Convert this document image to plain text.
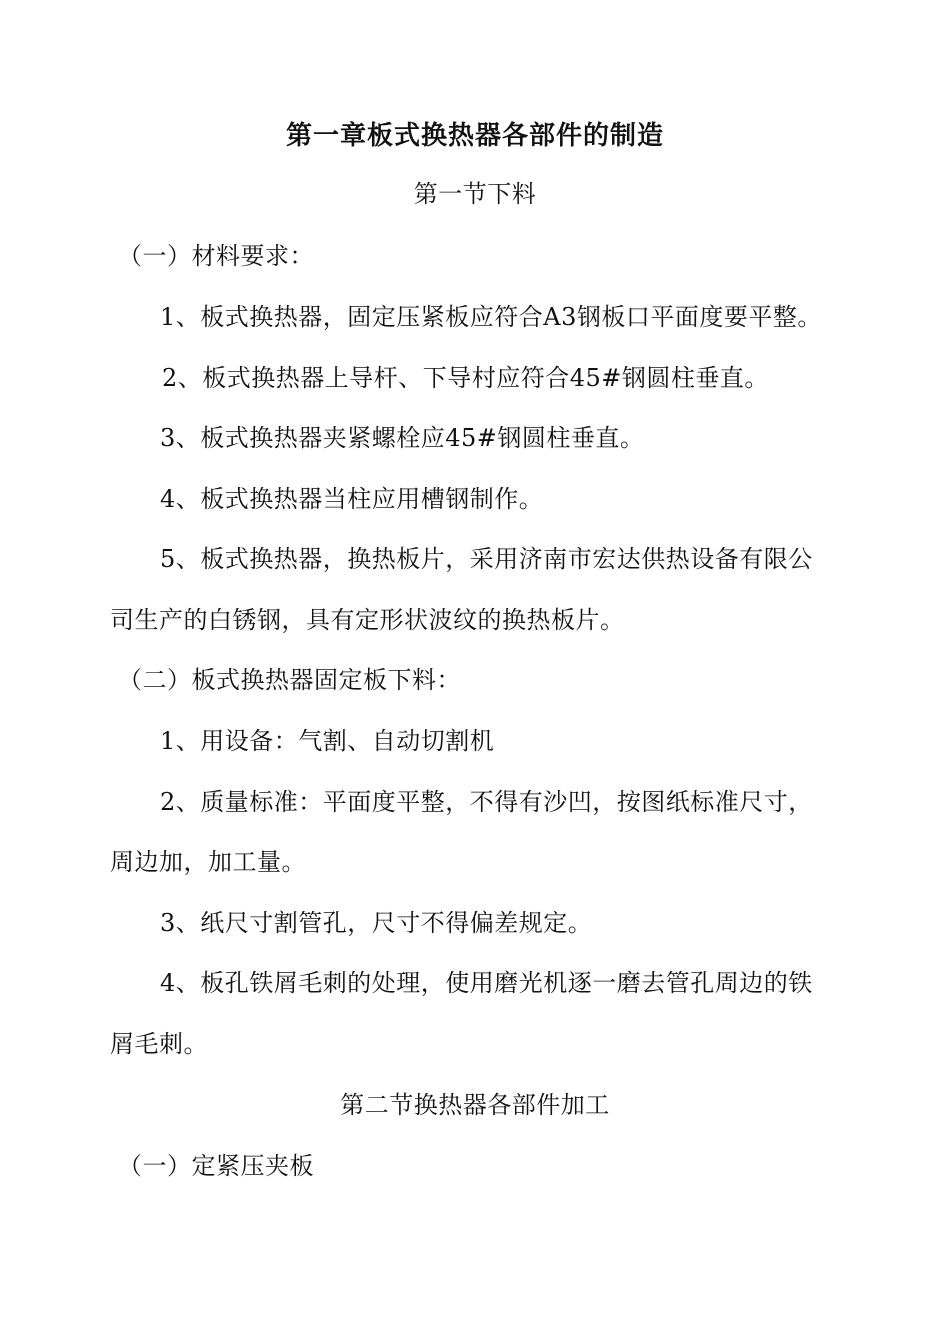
第一章板式换热器各部件的制造
第一节下料
（一）材料要求：
1、板式换热器，固定压紧板应符合A3钢板口平面度要平整。
2、板式换热器上导杆、下导村应符合45#钢圆柱垂直。
3、板式换热器夹紧螺栓应45#钢圆柱垂直。
4、板式换热器当柱应用槽钢制作。
5、板式换热器，换热板片，采用济南市宏达供热设备有限公
司生产的白锈钢，具有定形状波纹的换热板片。
（二）板式换热器固定板下料：
1、用设备：气割、自动切割机
2、质量标准：平面度平整，不得有沙凹，按图纸标准尺寸，
周边加，加工量。
3、纸尺寸割管孔，尺寸不得偏差规定。
4、板孔铁屑毛刺的处理，使用磨光机逐一磨去管孔周边的铁
屑毛刺。
第二节换热器各部件加工
（一）定紧压夹板
